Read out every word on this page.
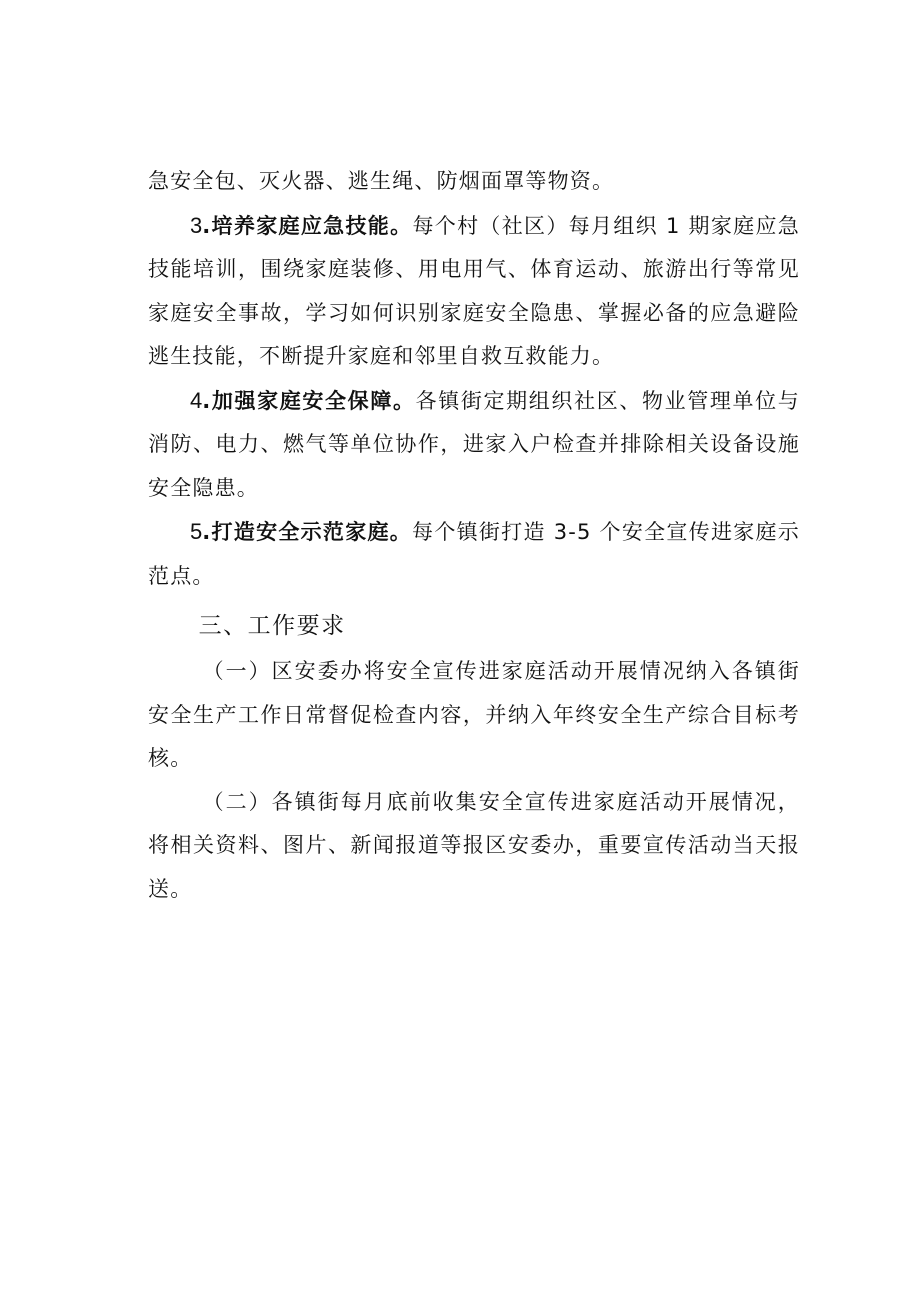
急安全包、灭火器、逃生绳、防烟面罩等物资。

3.培养家庭应急技能。每个村（社区）每月组织 1 期家庭应急技能培训，围绕家庭装修、用电用气、体育运动、旅游出行等常见家庭安全事故，学习如何识别家庭安全隐患、掌握必备的应急避险逃生技能，不断提升家庭和邻里自救互救能力。

4.加强家庭安全保障。各镇街定期组织社区、物业管理单位与消防、电力、燃气等单位协作，进家入户检查并排除相关设备设施安全隐患。

5.打造安全示范家庭。每个镇街打造 3-5 个安全宣传进家庭示范点。

三、工作要求

（一）区安委办将安全宣传进家庭活动开展情况纳入各镇街安全生产工作日常督促检查内容，并纳入年终安全生产综合目标考核。

（二）各镇街每月底前收集安全宣传进家庭活动开展情况，将相关资料、图片、新闻报道等报区安委办，重要宣传活动当天报送。
